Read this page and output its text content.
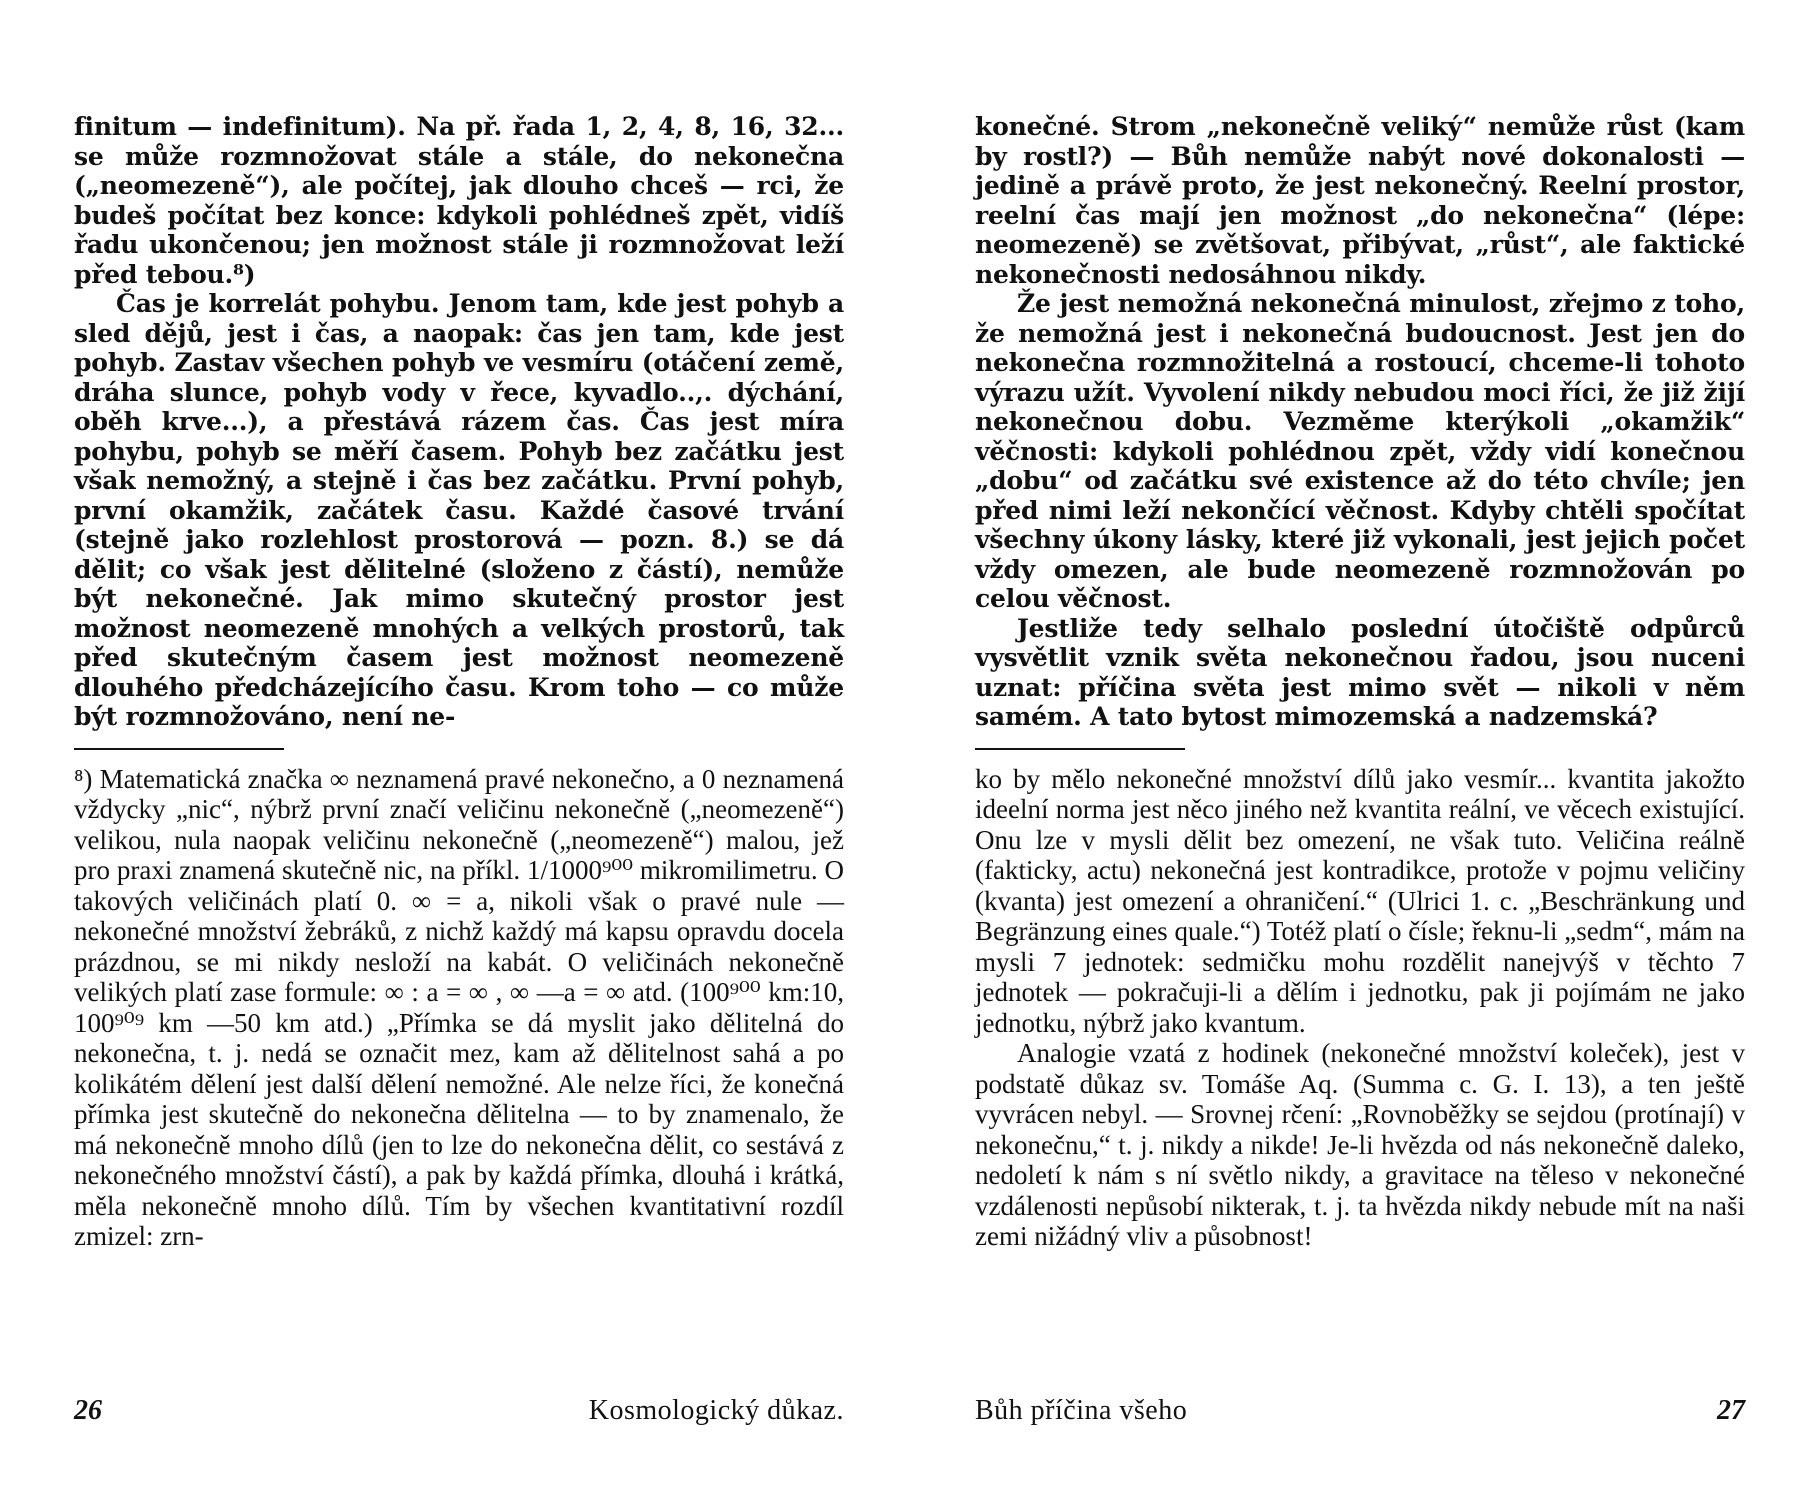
finitum — indefinitum). Na př. řada 1, 2, 4, 8, 16, 32... se může rozmnožovat stále a stále, do nekonečna („neomezeně“), ale počítej, jak dlouho chceš — rci, že budeš počítat bez konce: kdykoli pohlédneš zpět, vidíš řadu ukončenou; jen možnost stále ji rozmnožovat leží před tebou.⁸)

Čas je korrelát pohybu. Jenom tam, kde jest pohyb a sled dějů, jest i čas, a naopak: čas jen tam, kde jest pohyb. Zastav všechen pohyb ve vesmíru (otáčení země, dráha slunce, pohyb vody v řece, kyvadlo..,. dýchání, oběh krve...), a přestává rázem čas. Čas jest míra pohybu, pohyb se měří časem. Pohyb bez začátku jest však nemožný, a stejně i čas bez začátku. První pohyb, první okamžik, začátek času. Každé časové trvání (stejně jako rozlehlost prostorová — pozn. 8.) se dá dělit; co však jest dělitelné (složeno z částí), nemůže být nekonečné. Jak mimo skutečný prostor jest možnost neomezeně mnohých a velkých prostorů, tak před skutečným časem jest možnost neomezeně dlouhého předcházejícího času. Krom toho — co může být rozmnožováno, není ne-

⁸) Matematická značka ∞ neznamená pravé nekonečno, a 0 neznamená vždycky „nic“, nýbrž první značí veličinu nekonečně („neomezeně“) velikou, nula naopak veličinu nekonečně („neomezeně“) malou, jež pro praxi znamená skutečně nic, na příkl. 1/1000⁹⁰⁰ mikromilimetru. O takových veličinách platí 0. ∞ = a, nikoli však o pravé nule — nekonečné množství žebráků, z nichž každý má kapsu opravdu docela prázdnou, se mi nikdy nesloží na kabát. O veličinách nekonečně velikých platí zase formule: ∞ : a = ∞ , ∞ —a = ∞ atd. (100⁹⁰⁰ km:10, 100⁹⁰⁹ km —50 km atd.) „Přímka se dá myslit jako dělitelná do nekonečna, t. j. nedá se označit mez, kam až dělitelnost sahá a po kolikátém dělení jest další dělení nemožné. Ale nelze říci, že konečná přímka jest skutečně do nekonečna dělitelna — to by znamenalo, že má nekonečně mnoho dílů (jen to lze do nekonečna dělit, co sestává z nekonečného množství částí), a pak by každá přímka, dlouhá i krátká, měla nekonečně mnoho dílů. Tím by všechen kvantitativní rozdíl zmizel: zrn-

konečné. Strom „nekonečně veliký“ nemůže růst (kam by rostl?) — Bůh nemůže nabýt nové dokonalosti — jedině a právě proto, že jest nekonečný. Reelní prostor, reelní čas mají jen možnost „do nekonečna“ (lépe: neomezeně) se zvětšovat, přibývat, „růst“, ale faktické nekonečnosti nedosáhnou nikdy.

Že jest nemožná nekonečná minulost, zřejmo z toho, že nemožná jest i nekonečná budoucnost. Jest jen do nekonečna rozmnožitelná a rostoucí, chceme-li tohoto výrazu užít. Vyvolení nikdy nebudou moci říci, že již žijí nekonečnou dobu. Vezměme kterýkoli „okamžik“ věčnosti: kdykoli pohlédnou zpět, vždy vidí konečnou „dobu“ od začátku své existence až do této chvíle; jen před nimi leží nekončící věčnost. Kdyby chtěli spočítat všechny úkony lásky, které již vykonali, jest jejich počet vždy omezen, ale bude neomezeně rozmnožován po celou věčnost.

Jestliže tedy selhalo poslední útočiště odpůrců vysvětlit vznik světa nekonečnou řadou, jsou nuceni uznat: příčina světa jest mimo svět — nikoli v něm samém. A tato bytost mimozemská a nadzemská?

ko by mělo nekonečné množství dílů jako vesmír... kvantita jakožto ideelní norma jest něco jiného než kvantita reální, ve věcech existující. Onu lze v mysli dělit bez omezení, ne však tuto. Veličina reálně (fakticky, actu) nekonečná jest kontradikce, protože v pojmu veličiny (kvanta) jest omezení a ohraničení.“ (Ulrici 1. c. „Beschränkung und Begränzung eines quale.“) Totéž platí o čísle; řeknu-li „sedm“, mám na mysli 7 jednotek: sedmičku mohu rozdělit nanejvýš v těchto 7 jednotek — pokračuji-li a dělím i jednotku, pak ji pojímám ne jako jednotku, nýbrž jako kvantum.

Analogie vzatá z hodinek (nekonečné množství koleček), jest v podstatě důkaz sv. Tomáše Aq. (Summa c. G. I. 13), a ten ještě vyvrácen nebyl. — Srovnej rčení: „Rovnoběžky se sejdou (protínají) v nekonečnu,“ t. j. nikdy a nikde! Je-li hvězda od nás nekonečně daleko, nedoletí k nám s ní světlo nikdy, a gravitace na těleso v nekonečné vzdálenosti nepůsobí nikterak, t. j. ta hvězda nikdy nebude mít na naši zemi nižádný vliv a působnost!

26	Kosmologický důkaz.	Bůh příčina všeho	27
